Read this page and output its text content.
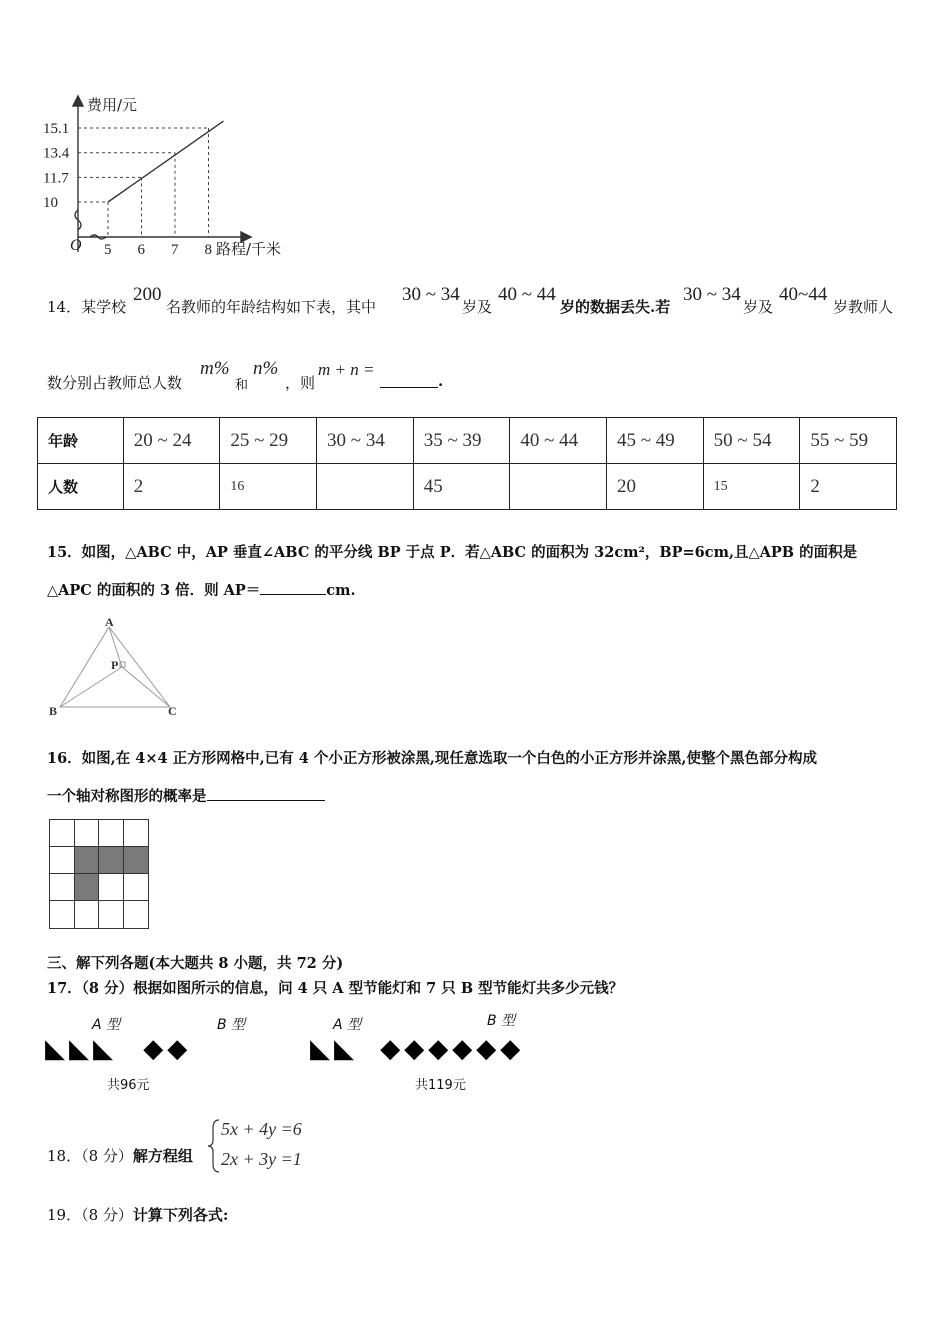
5 6 7 8
15.1
13.4
11.7
10
费用/元
路程/千米
O
14．某学校
200
名教师的年龄结构如下表，其中
30 ~ 34
岁及
40 ~ 44
岁的数据丢失.若
30 ~ 34
岁及
40~44
岁教师人
数分别占教师总人数
m%
和
n%
，则
m + n =
.
年龄	20 ~ 24	25 ~ 29	30 ~ 34	35 ~ 39	40 ~ 44	45 ~ 49	50 ~ 54	55 ~ 59
人数	2	16		45		20	15	2
15．如图，△ABC 中，AP 垂直∠ABC 的平分线 BP 于点 P．若△ABC 的面积为 32cm²，BP=6cm,且△APB 的面积是
△APC 的面积的 3 倍．则 AP＝	cm.
A
B	C
P
16．如图,在 4×4 正方形网格中,已有 4 个小正方形被涂黑,现任意选取一个白色的小正方形并涂黑,使整个黑色部分构成
一个轴对称图形的概率是
三、解下列各题(本大题共 8 小题，共 72 分)
17．（8 分）根据如图所示的信息，问 4 只 A 型节能灯和 7 只 B 型节能灯共多少元钱？
A 型	B 型
◣◣◣ ◆◆
共96元
A 型	B 型
◣◣ ◆◆◆◆◆◆
共119元
18．（8 分）解方程组
5x + 4y =6
2x + 3y =1
19．（8 分）计算下列各式:
